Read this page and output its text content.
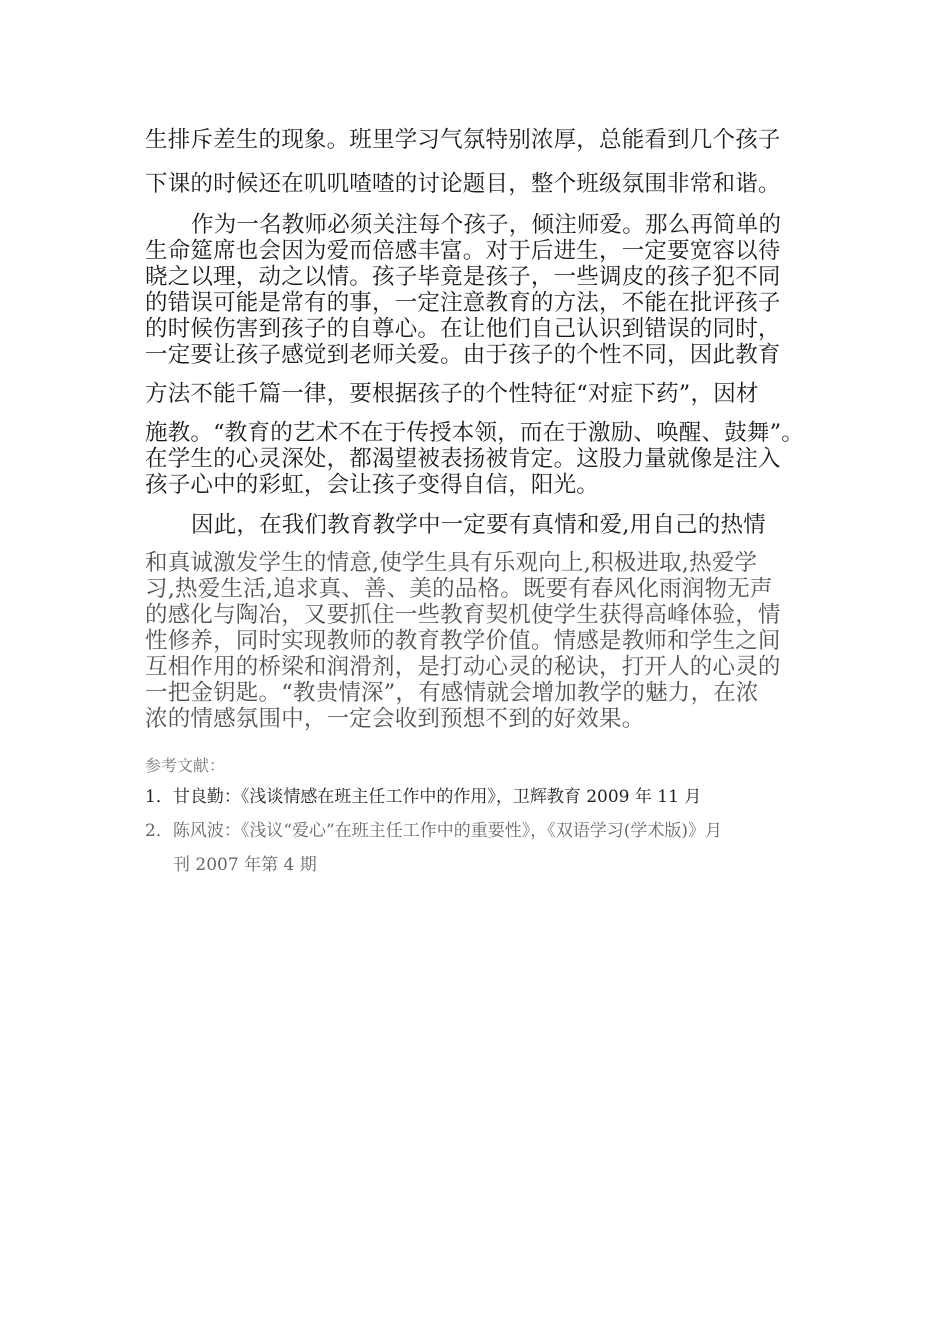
生排斥差生的现象。班里学习气氛特别浓厚，总能看到几个孩子
下课的时候还在叽叽喳喳的讨论题目，整个班级氛围非常和谐。
作为一名教师必须关注每个孩子，倾注师爱。那么再简单的
生命筵席也会因为爱而倍感丰富。对于后进生，一定要宽容以待
晓之以理，动之以情。孩子毕竟是孩子，一些调皮的孩子犯不同
的错误可能是常有的事，一定注意教育的方法，不能在批评孩子
的时候伤害到孩子的自尊心。在让他们自己认识到错误的同时，
一定要让孩子感觉到老师关爱。由于孩子的个性不同，因此教育
方法不能千篇一律，要根据孩子的个性特征“对症下药”，因材
施教。“教育的艺术不在于传授本领，而在于激励、唤醒、鼓舞”。
在学生的心灵深处，都渴望被表扬被肯定。这股力量就像是注入
孩子心中的彩虹，会让孩子变得自信，阳光。
因此，在我们教育教学中一定要有真情和爱,用自己的热情
和真诚激发学生的情意,使学生具有乐观向上,积极进取,热爱学
习,热爱生活,追求真、善、美的品格。既要有春风化雨润物无声
的感化与陶冶，又要抓住一些教育契机使学生获得高峰体验，情
性修养，同时实现教师的教育教学价值。情感是教师和学生之间
互相作用的桥梁和润滑剂，是打动心灵的秘诀，打开人的心灵的
一把金钥匙。“教贵情深”，有感情就会增加教学的魅力，在浓
浓的情感氛围中，一定会收到预想不到的好效果。
参考文献：
1．甘良勤：《浅谈情感在班主任工作中的作用》，卫辉教育 2009 年 11 月
2．陈风波：《浅议“爱心”在班主任工作中的重要性》，《双语学习(学术版)》月
刊 2007 年第 4 期
